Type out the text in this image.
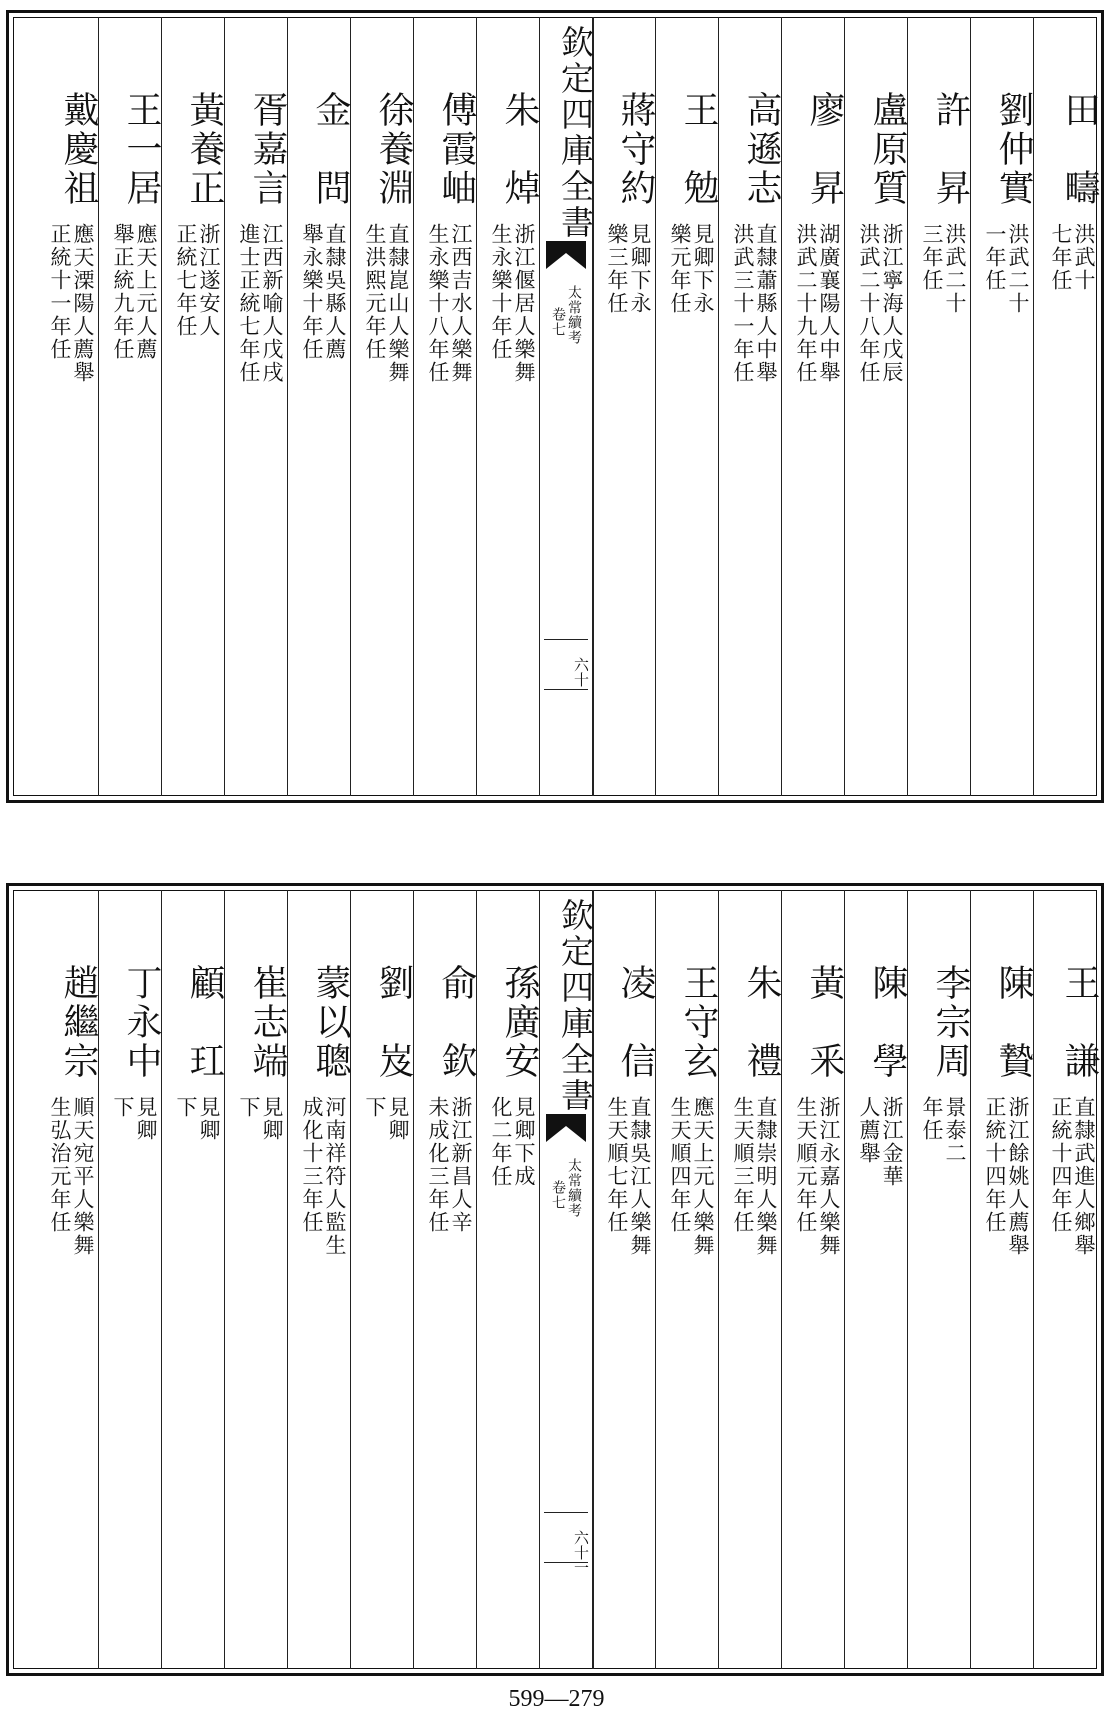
田　疇
洪武十
七年任
劉仲實
洪武二十
一年任
許　昇
洪武二十
三年任
盧原質
浙江寧海人戊辰
洪武二十八年任
廖　昇
湖廣襄陽人中舉
洪武二十九年任
高遜志
直隸蕭縣人中舉
洪武三十一年任
王　勉
見卿下永
樂元年任
蔣守約
見卿下永
樂三年任
欽定四庫全書
太常續考
卷七
六十
朱　焯
浙江偃居人樂舞
生永樂十年任
傅霞岫
江西吉水人樂舞
生永樂十八年任
徐養淵
直隸崑山人樂舞
生洪熙元年任
金　問
直隸吳縣人薦
舉永樂十年任
胥嘉言
江西新喻人戊戌
進士正統七年任
黃養正
浙江遂安人
正統七年任
王一居
應天上元人薦
舉正統九年任
戴慶祖
應天溧陽人薦舉
正統十一年任
王　謙
直隸武進人鄉舉
正統十四年任
陳　贄
浙江餘姚人薦舉
正統十四年任
李宗周
景泰二
年任
陳　學
浙江金華
人薦舉
黃　釆
浙江永嘉人樂舞
生天順元年任
朱　禮
直隸崇明人樂舞
生天順三年任
王守玄
應天上元人樂舞
生天順四年任
凌　信
直隸吳江人樂舞
生天順七年任
欽定四庫全書
太常續考
卷七
六十一
孫廣安
見卿下成
化二年任
俞　欽
浙江新昌人辛
未成化三年任
劉　岌
見卿
下
蒙以聰
河南祥符人監生
成化十三年任
崔志端
見卿
下
顧　玒
見卿
下
丁永中
見卿
下
趙繼宗
順天宛平人樂舞
生弘治元年任
599—279
